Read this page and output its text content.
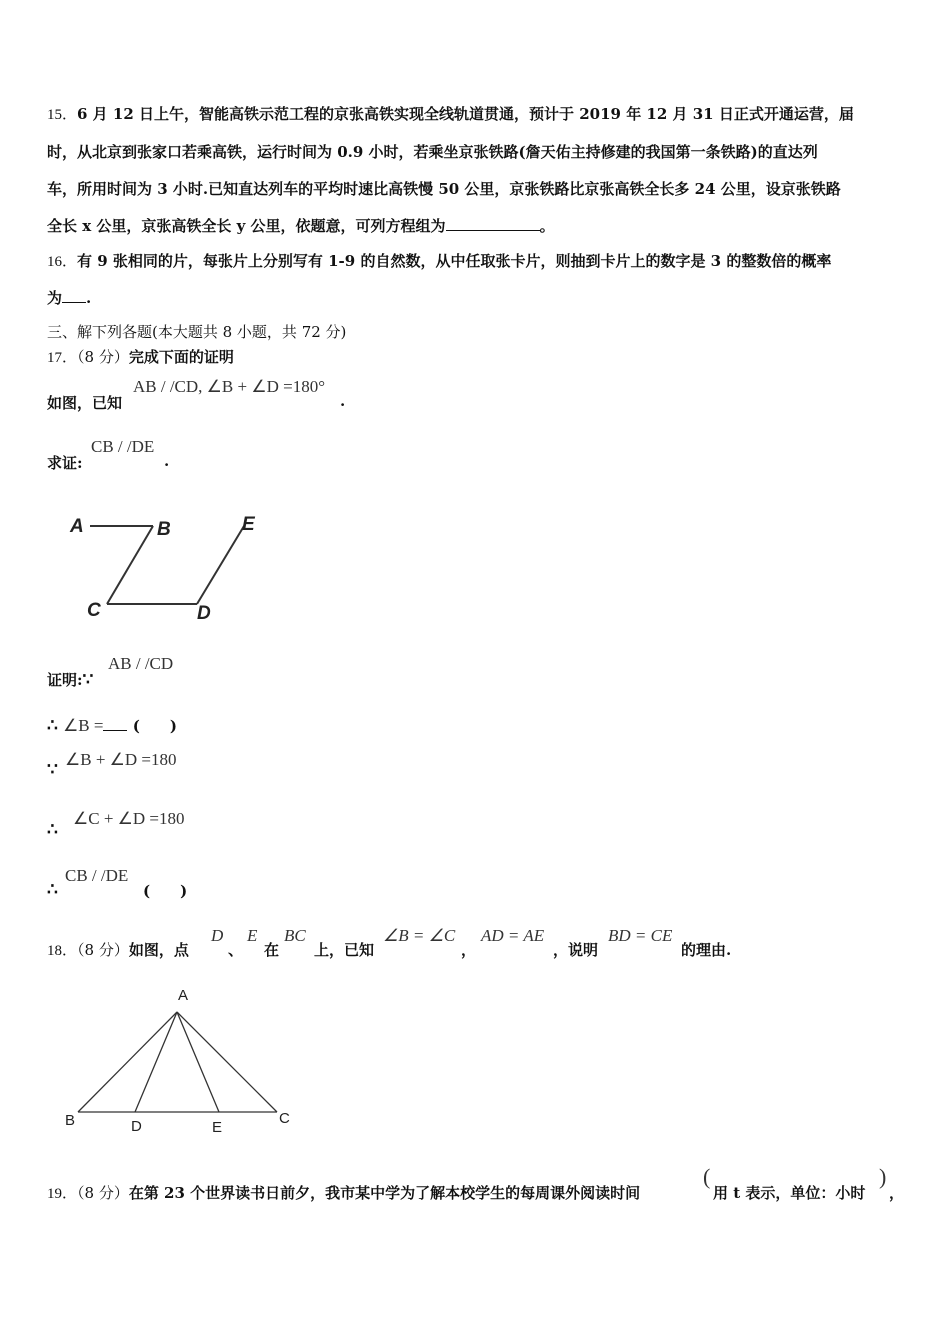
15．6 月 12 日上午，智能高铁示范工程的京张高铁实现全线轨道贯通，预计于 2019 年 12 月 31 日正式开通运营，届
时，从北京到张家口若乘高铁，运行时间为 0.9 小时，若乘坐京张铁路(詹天佑主持修建的我国第一条铁路)的直达列
车，所用时间为 3 小时.已知直达列车的平均时速比高铁慢 50 公里，京张铁路比京张高铁全长多 24 公里，设京张铁路
全长 x 公里，京张高铁全长 y 公里，依题意，可列方程组为	。
16．有 9 张相同的片，每张片上分别写有 1-9 的自然数，从中任取张卡片，则抽到卡片上的数字是 3 的整数倍的概率
为 .
三、解下列各题(本大题共 8 小题，共 72 分)
17．（8 分）完成下面的证明
如图，已知
AB / /CD, ∠B + ∠D =180°
.
求证:
CB / /DE
.
A	B	E
C	D
证明:∵
AB / /CD
∴ ∠B = (　　)
∵
∠B + ∠D =180
∴
∠C + ∠D =180
∴
CB / /DE
(　　)
18．（8 分）如图，点
D
、
E
在
BC
上，已知
∠B = ∠C
，
AD = AE
，说明
BD = CE
的理由.
A
B	D	E
C
19．（8 分）在第 23 个世界读书日前夕，我市某中学为了解本校学生的每周课外阅读时间
(
用 t 表示，单位：小时
)
，
